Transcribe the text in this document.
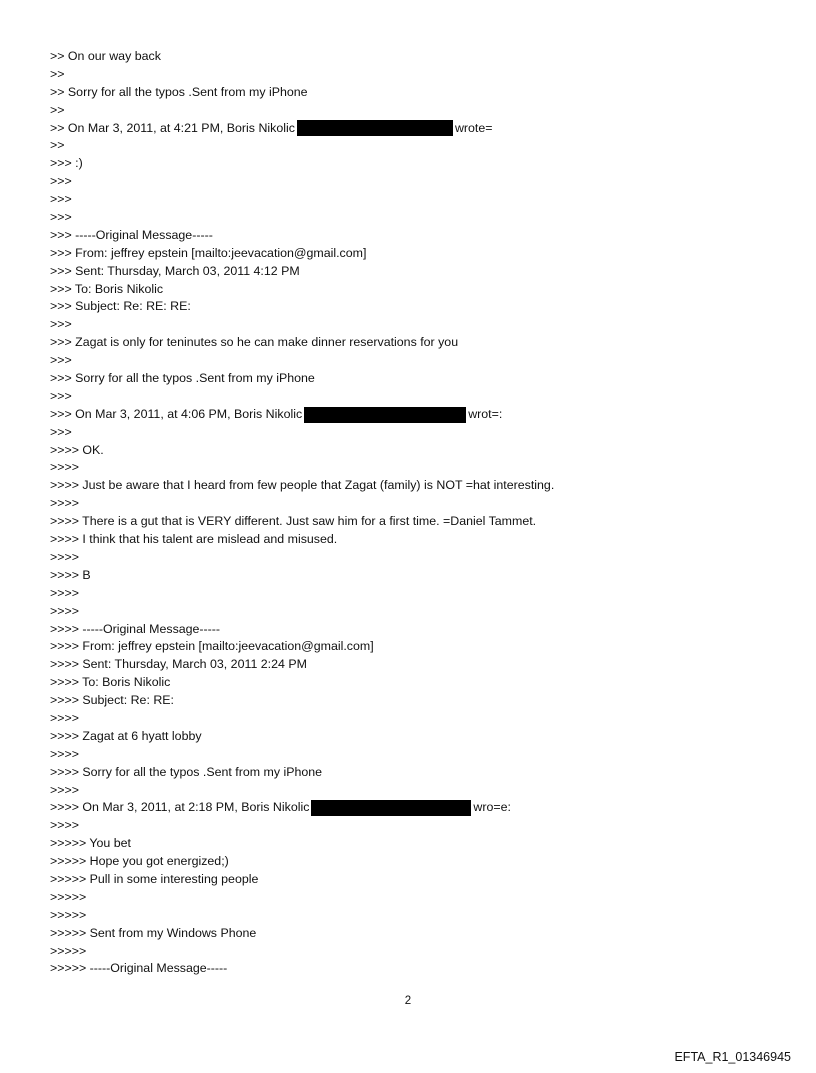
>> On our way back
>>
>> Sorry for all the typos .Sent from my iPhone
>>
>> On Mar 3, 2011, at 4:21 PM, Boris Nikolic	wrote=
>>
>>> :)
>>>
>>>
>>>
>>> -----Original Message-----
>>> From: jeffrey epstein [mailto:jeevacation@gmail.com]
>>> Sent: Thursday, March 03, 2011 4:12 PM
>>> To: Boris Nikolic
>>> Subject: Re: RE: RE:
>>>
>>> Zagat is only for teninutes so he can make dinner reservations for you
>>>
>>> Sorry for all the typos .Sent from my iPhone
>>>
>>> On Mar 3, 2011, at 4:06 PM, Boris Nikolic	wrot=:
>>>
>>>> OK.
>>>>
>>>> Just be aware that I heard from few people that Zagat (family) is NOT =hat interesting.
>>>>
>>>> There is a gut that is VERY different. Just saw him for a first time. =Daniel Tammet.
>>>> I think that his talent are mislead and misused.
>>>>
>>>> B
>>>>
>>>>
>>>> -----Original Message-----
>>>> From: jeffrey epstein [mailto:jeevacation@gmail.com]
>>>> Sent: Thursday, March 03, 2011 2:24 PM
>>>> To: Boris Nikolic
>>>> Subject: Re: RE:
>>>>
>>>> Zagat at 6 hyatt lobby
>>>>
>>>> Sorry for all the typos .Sent from my iPhone
>>>>
>>>> On Mar 3, 2011, at 2:18 PM, Boris Nikolic	wro=e:
>>>>
>>>>> You bet
>>>>> Hope you got energized;)
>>>>> Pull in some interesting people
>>>>>
>>>>>
>>>>> Sent from my Windows Phone
>>>>>
>>>>> -----Original Message-----
2
EFTA_R1_01346945
